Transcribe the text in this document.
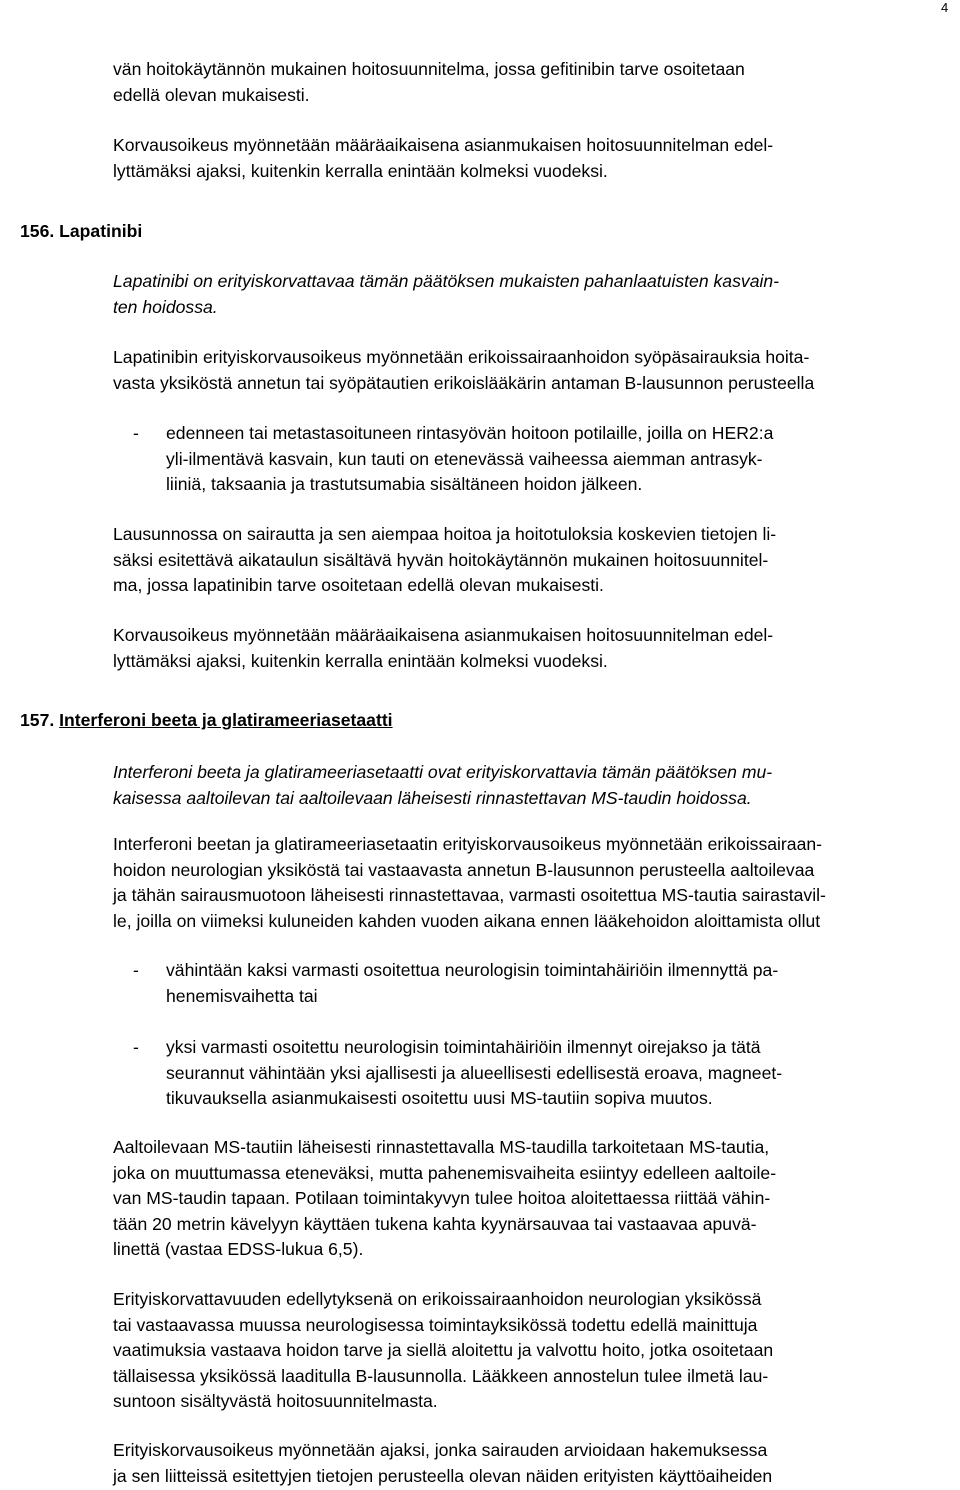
4
vän hoitokäytännön mukainen hoitosuunnitelma, jossa gefitinibin tarve osoitetaan
edellä olevan mukaisesti.
Korvausoikeus myönnetään määräaikaisena asianmukaisen hoitosuunnitelman edel-
lyttämäksi ajaksi, kuitenkin kerralla enintään kolmeksi vuodeksi.
156. Lapatinibi
Lapatinibi on erityiskorvattavaa tämän päätöksen mukaisten pahanlaatuisten kasvain-
ten hoidossa.
Lapatinibin erityiskorvausoikeus myönnetään erikoissairaanhoidon syöpäsairauksia hoita-
vasta yksiköstä annetun tai syöpätautien erikoislääkärin antaman B-lausunnon perusteella
- edenneen tai metastasoituneen rintasyövän hoitoon potilaille, joilla on HER2:a
yli-ilmentävä kasvain, kun tauti on etenevässä vaiheessa aiemman antrasyk-
liiniä, taksaania ja trastutsumabia sisältäneen hoidon jälkeen.
Lausunnossa on sairautta ja sen aiempaa hoitoa ja hoitotuloksia koskevien tietojen li-
säksi esitettävä aikataulun sisältävä hyvän hoitokäytännön mukainen hoitosuunnitel-
ma, jossa lapatinibin tarve osoitetaan edellä olevan mukaisesti.
Korvausoikeus myönnetään määräaikaisena asianmukaisen hoitosuunnitelman edel-
lyttämäksi ajaksi, kuitenkin kerralla enintään kolmeksi vuodeksi.
157. Interferoni beeta ja glatirameeriasetaatti
Interferoni beeta ja glatirameeriasetaatti ovat erityiskorvattavia tämän päätöksen mu-
kaisessa aaltoilevan tai aaltoilevaan läheisesti rinnastettavan MS-taudin hoidossa.
Interferoni beetan ja glatirameeriasetaatin erityiskorvausoikeus myönnetään erikoissairaan-
hoidon neurologian yksiköstä tai vastaavasta annetun B-lausunnon perusteella aaltoilevaa
ja tähän sairausmuotoon läheisesti rinnastettavaa, varmasti osoitettua MS-tautia sairastavil-
le, joilla on viimeksi kuluneiden kahden vuoden aikana ennen lääkehoidon aloittamista ollut
- vähintään kaksi varmasti osoitettua neurologisin toimintahäiriöin ilmennyttä pa-
henemisvaihetta tai
- yksi varmasti osoitettu neurologisin toimintahäiriöin ilmennyt oirejakso ja tätä
seurannut vähintään yksi ajallisesti ja alueellisesti edellisestä eroava, magneet-
tikuvauksella asianmukaisesti osoitettu uusi MS-tautiin sopiva muutos.
Aaltoilevaan MS-tautiin läheisesti rinnastettavalla MS-taudilla tarkoitetaan MS-tautia,
joka on muuttumassa eteneväksi, mutta pahenemisvaiheita esiintyy edelleen aaltoile-
van MS-taudin tapaan. Potilaan toimintakyvyn tulee hoitoa aloitettaessa riittää vähin-
tään 20 metrin kävelyyn käyttäen tukena kahta kyynärsauvaa tai vastaavaa apuvä-
linettä (vastaa EDSS-lukua 6,5).
Erityiskorvattavuuden edellytyksenä on erikoissairaanhoidon neurologian yksikössä
tai vastaavassa muussa neurologisessa toimintayksikössä todettu edellä mainittuja
vaatimuksia vastaava hoidon tarve ja siellä aloitettu ja valvottu hoito, jotka osoitetaan
tällaisessa yksikössä laaditulla B-lausunnolla. Lääkkeen annostelun tulee ilmetä lau-
suntoon sisältyvästä hoitosuunnitelmasta.
Erityiskorvausoikeus myönnetään ajaksi, jonka sairauden arvioidaan hakemuksessa
ja sen liitteissä esitettyjen tietojen perusteella olevan näiden erityisten käyttöaiheiden
